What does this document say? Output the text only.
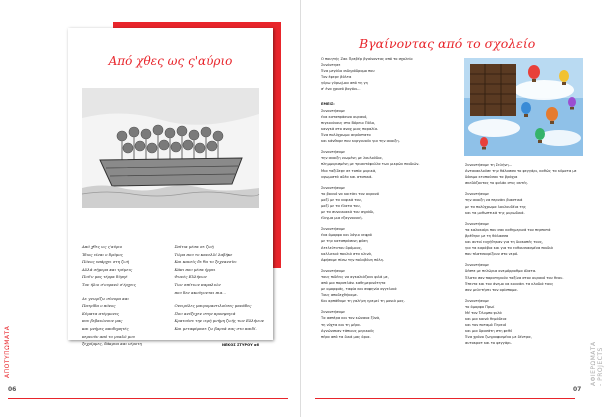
Από χθες ως ς'αύριο
Από χθες ως ς'αύριο
Ίδιος είναι ο δρόμος
Πόνος υπάρχει στη ζωή
Αλλά σήμερα και τρέμεις
Πού'ν μας τέρρα δύρηέ
Τον ήλιο σ'ουρανό σ'έρχεις
Δε γνωρίζω σύνορα και
Πατρίδα ο πόνος
Κύματα ατέρμονες
που βεβαιώνουν μας
και μνήμες αποδημητές
περνούν από το μυαλό μου
ξεχρίμμες, δάκρυα και νέροτη
Σπίτια μέσα σε ζωή
Τώρα που το κανελλί λαβήκε
Και κανείς δε θα το ξεχνανσίει
Κάπι που μέσα ήρρει
Φωνές Ελλήνων
Των σπίτιων παραλιών
που δεν ακούγονται πια...
Ονειρέλες μαυρομαντιλούσες μανάδες
Που ανέξεχεν στην προσφυγιά
Κρατούσε την ιερή μνήμη ζωής των Ελλήνων
Και μεταφέρασε ζω βαρυά σας στο παιδί.
ΝΕΚΟΣ ΣΤΥΡΟΥ α6
ΑΠΟΤΥΠΩΜΑΤΑ
06
Βγαίνοντας από το σχολείο
Ο ποιητής Ζακ Πρεβέρ βγαίνοντας από το σχολείο
Συνάντησε
Ένα μεγάλο σιδηρόδρομο που
Τον έφερε βόλτα
γύρω γύρω/μου από τη γη
σ' ένα χρυσό βαγόνι...
ΕΜΕΙΣ:
Συναντήσαμε
ένα καταπράσινο ουρανό,
πιγκουίνους στο Βόρειο Πόλο,
κανγκά στο αναχ μιας παραλία.
Ένα πολύχρωμο αερόστατο
και κάνθαρε που κυργουούν για την ανοιξη.
Συναντήσαμε
την ανοιξη νιωμένη με λουλούδια,
πλημμυρισμένη με τριαντάφυλλα των μικρών παιδιών.
Μια ταξίδεψε σε τοπία μυρικά,
υψωμιστά αδέα και ατοπικά.
Συναντήσαμε
το βουνό να κοιτάει τον ουρανό
μαζί με τα νυφικά του,
μαζί με τα έλατα του,
με τα συνοικιακά του αγράδι,
έλιγμα μια εξαγνονική.
Συναντήσαμε
ένα όμορφο και λόγιο νεφρό
με την καταπράσινη φύση
Ατελεύτυτου δρόμους,
καλλιεκιά πουλιά στα κλινά,
Αφήσαμε πίσω την πολυβόυη πόλη.
Συναντήσαμε
τους πιδέεις να αγκαλιάζουν φιλά με,
από μια πορσελάνι καθημερινότητα
με ομορφιάς, ταφία και σαφηνία αγγελικά
Τους αποδεχθήκαμε.
Και αρπάθαμε τη γαλήνη ηρεμεί τη μονιά μας.
Συναντήσαμε
Τα ασπέρα και τον κώνανα ζύνά,
τη νύχτα και τη μέρα.
Αγνώνσκαν τάπιους μερικούς
πέρα από τα δικά μας όρια.
Συναντήσαμε τη Σελήνη...
Αντανακλούσε την θάλασσα το φεγγάρι, καθώς τα κύματα με δόσιμο κτυπούσαν τα βράχια
σκεδάζοντας το φυλάκ στις ακτές.
Συναντήσαμε
την ανοιξη να περνάει βιαστικά
με τα πολύχρωμα λουλουδέια της
και τα μυθωπτικά της μυρωδικά.
Συναντήσαμε
τα καλοκαίρι που σαν καθημερινά του περπατά
βρέθηκε με τη θάλασσα
και αυτοί ευχήθηκαν για τη διακοπές τους,
για τα καράβια και για τα ενθουσιασμένα παιδιά
που πλατσουρίζουν στο νερό.
Συναντήσαμε
δέσπε με πελώρια ανεμόρροθμα όλατα.
Έλατα σαν παρατηρούν ταξίνα στον ουρανό του θεου.
Έπειτα και τον άνεμο να κουνάει τα κλαδιά τους
σαν μελετήσει τον ορίσπομα.
Συναντήσαμε
το όμορφο Πρωί
Μέ τον Όλυμπο ψιλά
και μια κοινά θεμάδεια
και τον ποταμό Πηνειό
και μια δροσάτη στη φεθύ
Ένα χρόνο ζωγραφισμένο με δέντρα,
αυτοκρατ και το φεγγάρι.	ΑΦΙΕΡΩΜΑΤΑ - PROJECTS
07
